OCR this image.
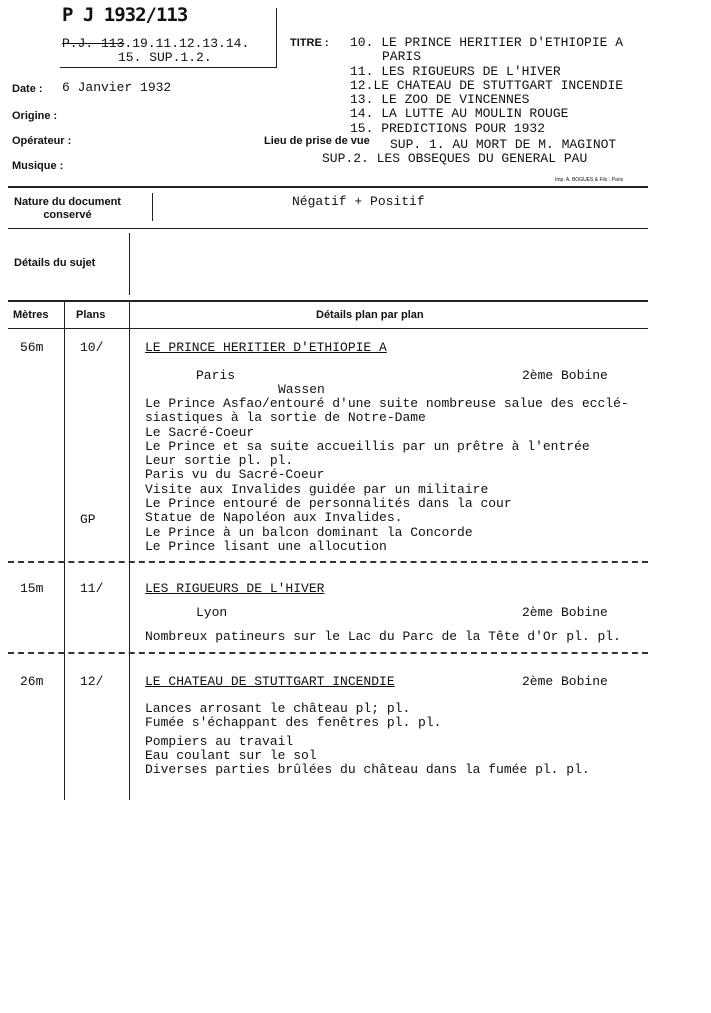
P J 1932/113
P.J. 113.19.11.12.13.14.
15. SUP.1.2.
Date : 6 Janvier 1932
Origine :
Opérateur :
Musique :
TITRE : 10. LE PRINCE HERITIER D'ETHIOPIE A
PARIS
11. LES RIGUEURS DE L'HIVER
12.LE CHATEAU DE STUTTGART INCENDIE
13. LE ZOO DE VINCENNES
14. LA LUTTE AU MOULIN ROUGE
15. PREDICTIONS POUR 1932
Lieu de prise de vue SUP. 1. AU MORT DE M. MAGINOT
SUP.2. LES OBSEQUES DU GENERAL PAU
Imp. A. BOGUES & Fils · Paris
Nature du document
conservé
Négatif + Positif
Détails du sujet
Mètres	Plans	Détails plan par plan
56m	10/	LE PRINCE HERITIER D'ETHIOPIE A
Paris	2ème Bobine
Wassen
Le Prince Asfao/entouré d'une suite nombreuse salue des ecclé-
siastiques à la sortie de Notre-Dame
Le Sacré-Coeur
Le Prince et sa suite accueillis par un prêtre à l'entrée
Leur sortie pl. pl.
Paris vu du Sacré-Coeur
Visite aux Invalides guidée par un militaire
Le Prince entouré de personnalités dans la cour
Statue de Napoléon aux Invalides.
Le Prince à un balcon dominant la Concorde
Le Prince lisant une allocution
GP
15m	11/	LES RIGUEURS DE L'HIVER
Lyon	2ème Bobine
Nombreux patineurs sur le Lac du Parc de la Tête d'Or pl. pl.
26m	12/	LE CHATEAU DE STUTTGART INCENDIE	2ème Bobine
Lances arrosant le château pl; pl.
Fumée s'échappant des fenêtres pl. pl.
Pompiers au travail
Eau coulant sur le sol
Diverses parties brûlées du château dans la fumée pl. pl.
